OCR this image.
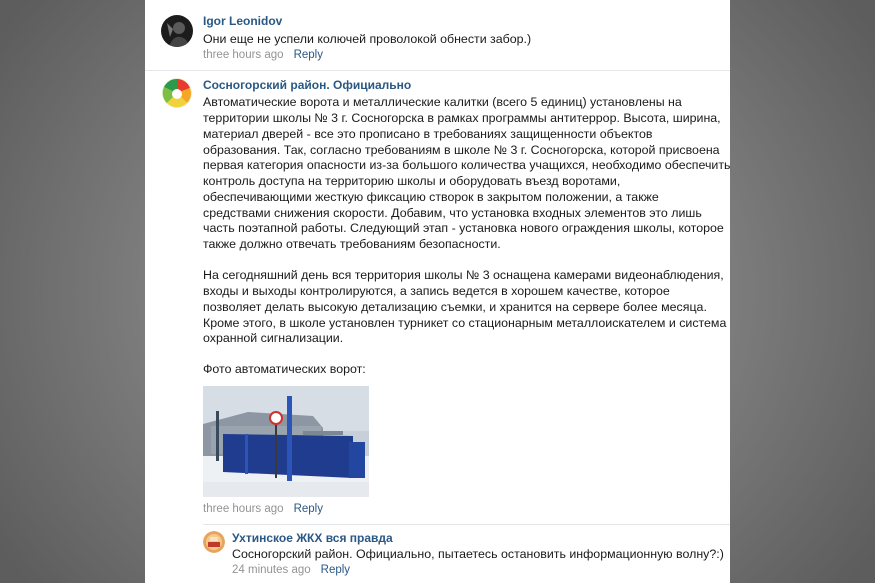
Igor Leonidov
Они еще не успели колючей проволокой обнести забор.)
three hours ago Reply
Сосногорский район. Официально
Автоматические ворота и металлические калитки (всего 5 единиц) установлены на
территории школы № 3 г. Сосногорска в рамках программы антитеррор. Высота, ширина,
материал дверей - все это прописано в требованиях защищенности объектов
образования. Так, согласно требованиям в школе № 3 г. Сосногорска, которой присвоена
первая категория опасности из-за большого количества учащихся, необходимо обеспечить
контроль доступа на территорию школы и оборудовать въезд воротами,
обеспечивающими жесткую фиксацию створок в закрытом положении, а также
средствами снижения скорости. Добавим, что установка входных элементов это лишь
часть поэтапной работы. Следующий этап - установка нового ограждения школы, которое
также должно отвечать требованиям безопасности.
На сегодняшний день вся территория школы № 3 оснащена камерами видеонаблюдения,
входы и выходы контролируются, а запись ведется в хорошем качестве, которое
позволяет делать высокую детализацию съемки, и хранится на сервере более месяца.
Кроме этого, в школе установлен турникет со стационарным металлоискателем и система
охранной сигнализации.
Фото автоматических ворот:
three hours ago Reply
Ухтинское ЖКХ вся правда
Сосногорский район. Официально, пытаетесь остановить информационную волну?:)
24 minutes ago Reply
